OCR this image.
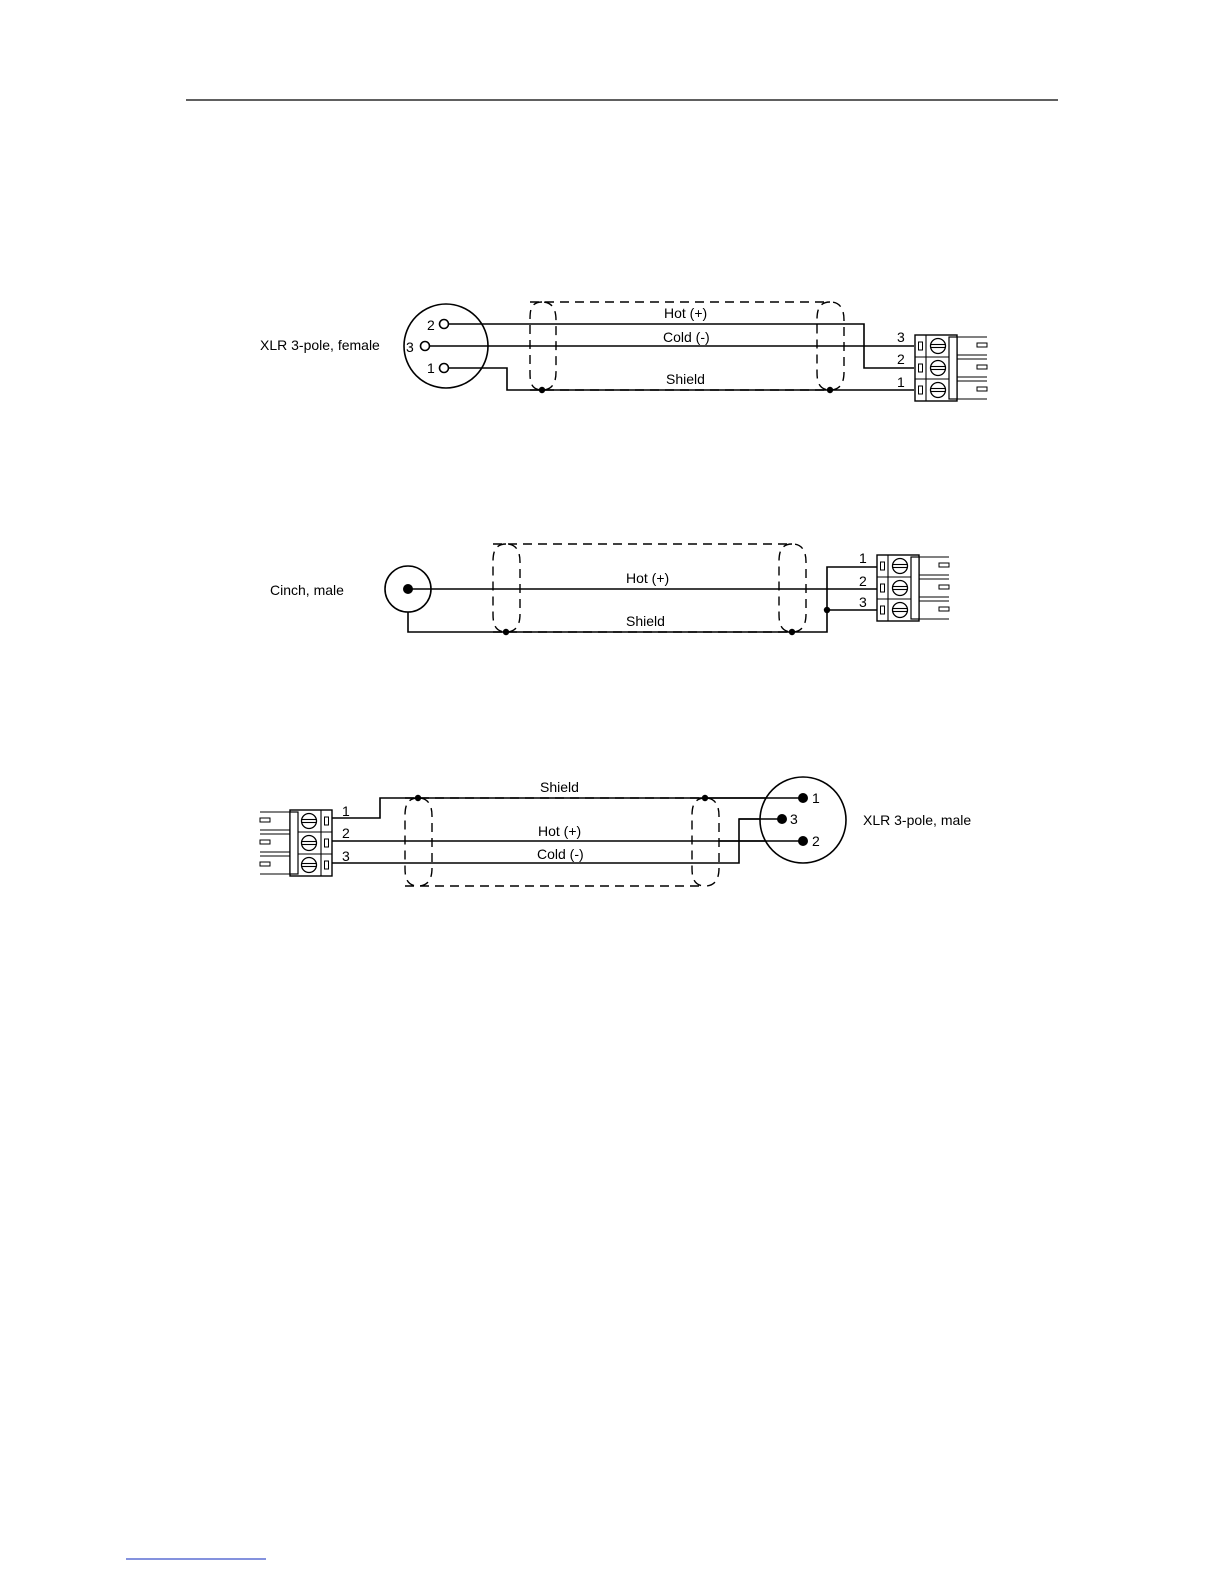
XLR 3-pole, female
2
3
1
Hot (+)
Cold (-)
Shield
3
2
1
Cinch, male
Hot (+)
Shield
1
2
3
1
2
3
Shield
Hot (+)
Cold (-)
1
3
2
XLR 3-pole, male
